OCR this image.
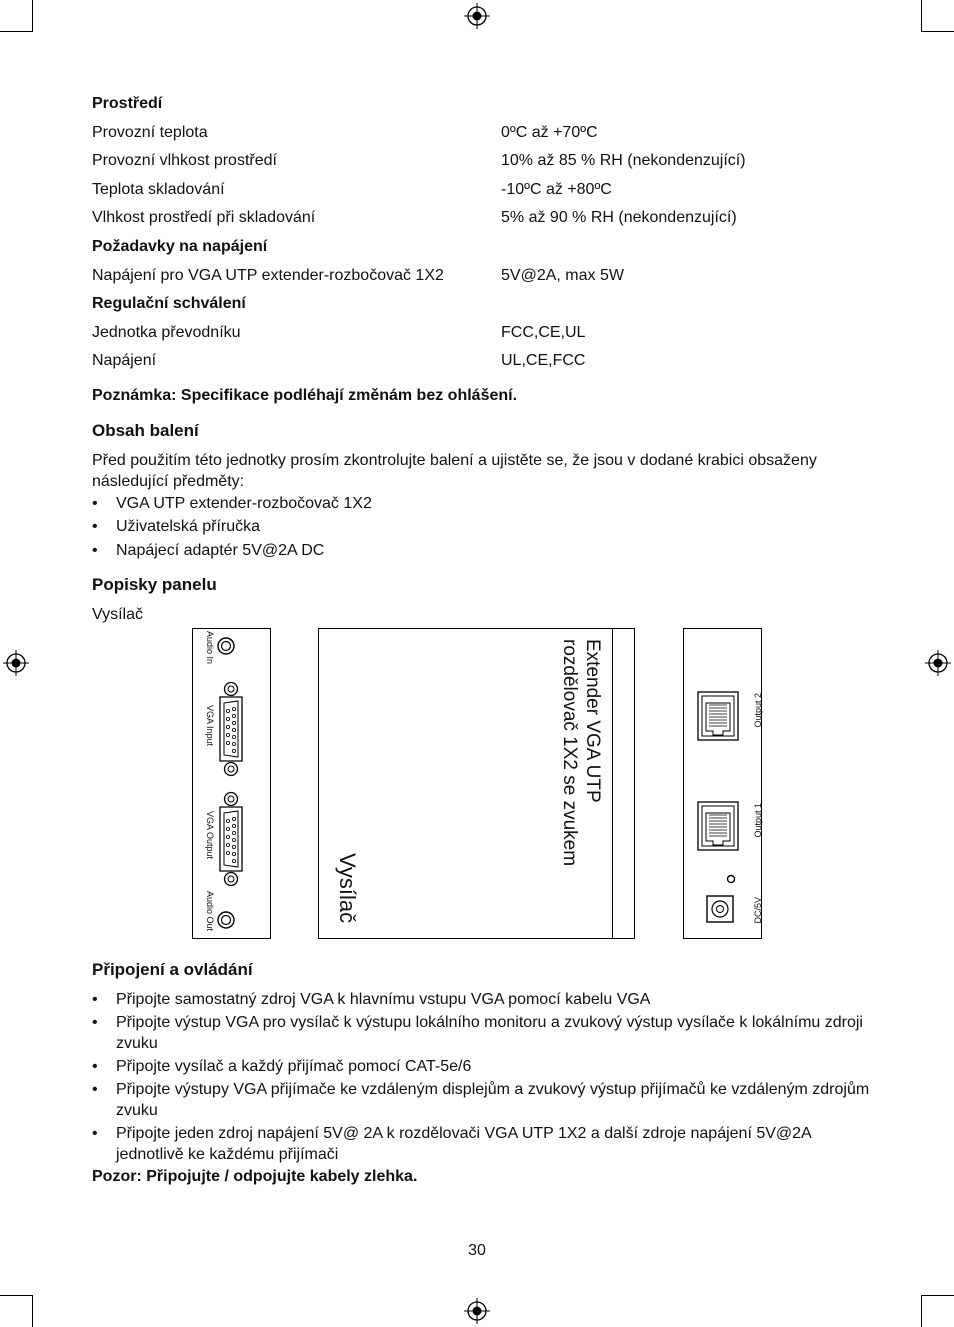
Prostředí
Provozní teplota	0ºC až +70ºC
Provozní vlhkost prostředí	10% až 85 % RH (nekondenzující)
Teplota skladování	-10ºC až +80ºC
Vlhkost prostředí při skladování	5% až 90 % RH (nekondenzující)
Požadavky na napájení
Napájení pro VGA UTP extender-rozbočovač 1X2	5V@2A, max 5W
Regulační schválení
Jednotka převodníku	FCC,CE,UL
Napájení	UL,CE,FCC
Poznámka: Specifikace podléhají změnám bez ohlášení.
Obsah balení
Před použitím této jednotky prosím zkontrolujte balení a ujistěte se, že jsou v dodané krabici obsaženy následující předměty:
• VGA UTP extender-rozbočovač 1X2
• Uživatelská příručka
• Napájecí adaptér 5V@2A DC
Popisky panelu
Vysílač
Audio In
VGA Input
VGA Output
Audio Out
Extender VGA UTP
rozdělovač 1X2 se zvukem
Vysílač
Output 2
Output 1
DC/5V
Připojení a ovládání
• Připojte samostatný zdroj VGA k hlavnímu vstupu VGA pomocí kabelu VGA
• Připojte výstup VGA pro vysílač k výstupu lokálního monitoru a zvukový výstup vysílače k lokálnímu zdroji zvuku
• Připojte vysílač a každý přijímač pomocí CAT-5e/6
• Připojte výstupy VGA přijímače ke vzdáleným displejům a zvukový výstup přijímačů ke vzdáleným zdrojům zvuku
• Připojte jeden zdroj napájení 5V@ 2A k rozdělovači VGA UTP 1X2 a další zdroje napájení 5V@2A jednotlivě ke každému přijímači
Pozor: Připojujte / odpojujte kabely zlehka.
30
